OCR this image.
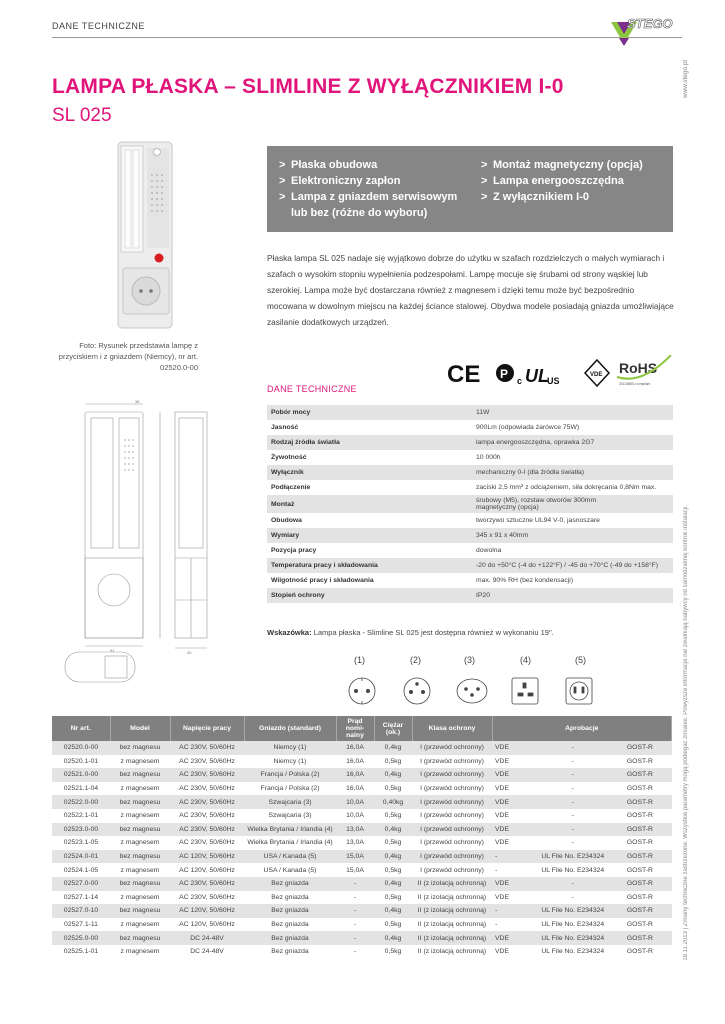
DANE TECHNICZNE	STEGO
LAMPA PŁASKA – SLIMLINE Z WYŁĄCZNIKIEM I-0
SL 025
www.stego.pl
18.11.2013 | Zmiany techniczne zastrzeżone. Wszystkie parametry mogą podlegać zmianie. Powyższe informacje nie zwalniają nabywcy od samodzielnej kontroli instalacji.
Foto: Rysunek przedstawia lampę z przyciskiem i z gniazdem (Niemcy), nr art. 02520.0-00
> Płaska obudowa
> Elektroniczny zapłon
> Lampa z gniazdem serwisowym lub bez (różne do wyboru)
> Montaż magnetyczny (opcja)
> Lampa energooszczędna
> Z wyłącznikiem I-0
Płaska lampa SL 025 nadaje się wyjątkowo dobrze do użytku w szafach rozdzielczych o małych wymiarach i szafach o wysokim stopniu wypełnienia podzespołami. Lampę mocuje się śrubami od strony wąskiej lub szerokiej. Lampa może być dostarczana również z magnesem i dzięki temu może być bezpośrednio mocowana w dowolnym miejscu na każdej ściance stalowej. Obydwa modele posiadają gniazda umożliwiające zasilanie dodatkowych urządzeń.
CE P c UL
US
VDE RoHS
2011/65/EU compliant
DANE TECHNICZNE
38
91	40
Pobór mocy	11W
Jasność	900Lm (odpowiada żarówce 75W)
Rodzaj źródła światła	lampa energooszczędna, oprawka 2G7
Żywotność	10 000h
Wyłącznik	mechaniczny 0-I (dla źródła światła)
Podłączenie	zaciski 2,5 mm² z odciążeniem, siła dokręcania 0,8Nm max.
Montaż	śrubowy (M5), rozstaw otworów 300mm
magnetyczny (opcja)
Obudowa	tworzywo sztuczne UL94 V-0, jasnoszare
Wymiary	345 x 91 x 40mm
Pozycja pracy	dowolna
Temperatura pracy i składowania	-20 do +50°C (-4 do +122°F) / -45 do +70°C (-49 do +158°F)
Wilgotność pracy i składowania	max. 90% RH (bez kondensacji)
Stopień ochrony	IP20
Wskazówka: Lampa płaska - Slimline SL 025 jest dostępna również w wykonaniu 19".
(1)	(2)	(3)	(4)	(5)
Nr art.	Model	Napięcie pracy	Gniazdo (standard)	Prąd nomi- nalny	Ciężar (ok.)	Klasa ochrony	Aprobacje		
02520.0-00	bez magnesu	AC 230V, 50/60Hz	Niemcy (1)	16,0A	0,4kg	I (przewód ochronny)	VDE	-	GOST-R
02520.1-01	z magnesem	AC 230V, 50/60Hz	Niemcy (1)	16,0A	0,5kg	I (przewód ochronny)	VDE	-	GOST-R
02521.0-00	bez magnesu	AC 230V, 50/60Hz	Francja / Polska (2)	16,0A	0,4kg	I (przewód ochronny)	VDE	-	GOST-R
02521.1-04	z magnesem	AC 230V, 50/60Hz	Francja / Polska (2)	16,0A	0,5kg	I (przewód ochronny)	VDE	-	GOST-R
02522.0-00	bez magnesu	AC 230V, 50/60Hz	Szwajcaria (3)	10,0A	0,40kg	I (przewód ochronny)	VDE	-	GOST-R
02522.1-01	z magnesem	AC 230V, 50/60Hz	Szwajcaria (3)	10,0A	0,5kg	I (przewód ochronny)	VDE	-	GOST-R
02523.0-00	bez magnesu	AC 230V, 50/60Hz	Wielka Brytania / Irlandia (4)	13,0A	0,4kg	I (przewód ochronny)	VDE	-	GOST-R
02523.1-05	z magnesem	AC 230V, 50/60Hz	Wielka Brytania / Irlandia (4)	13,0A	0,5kg	I (przewód ochronny)	VDE	-	GOST-R
02524.0-01	bez magnesu	AC 120V, 50/60Hz	USA / Kanada (5)	15,0A	0,4kg	I (przewód ochronny)	-	UL File No. E234324	GOST-R
02524.1-05	z magnesem	AC 120V, 50/60Hz	USA / Kanada (5)	15,0A	0,5kg	I (przewód ochronny)	-	UL File No. E234324	GOST-R
02527.0-00	bez magnesu	AC 230V, 50/60Hz	Bez gniazda	-	0,4kg	II (z izolacją ochronną)	VDE	-	GOST-R
02527.1-14	z magnesem	AC 230V, 50/60Hz	Bez gniazda	-	0,5kg	II (z izolacją ochronną)	VDE	-	GOST-R
02527.0-10	bez magnesu	AC 120V, 50/60Hz	Bez gniazda	-	0,4kg	II (z izolacją ochronną)	-	UL File No. E234324	GOST-R
02527.1-11	z magnesem	AC 120V, 50/60Hz	Bez gniazda	-	0,5kg	II (z izolacją ochronną)	-	UL File No. E234324	GOST-R
02525.0-00	bez magnesu	DC 24-48V	Bez gniazda	-	0,4kg	II (z izolacją ochronną)	VDE	UL File No. E234324	GOST-R
02525.1-01	z magnesem	DC 24-48V	Bez gniazda	-	0,5kg	II (z izolacją ochronną)	VDE	UL File No. E234324	GOST-R
